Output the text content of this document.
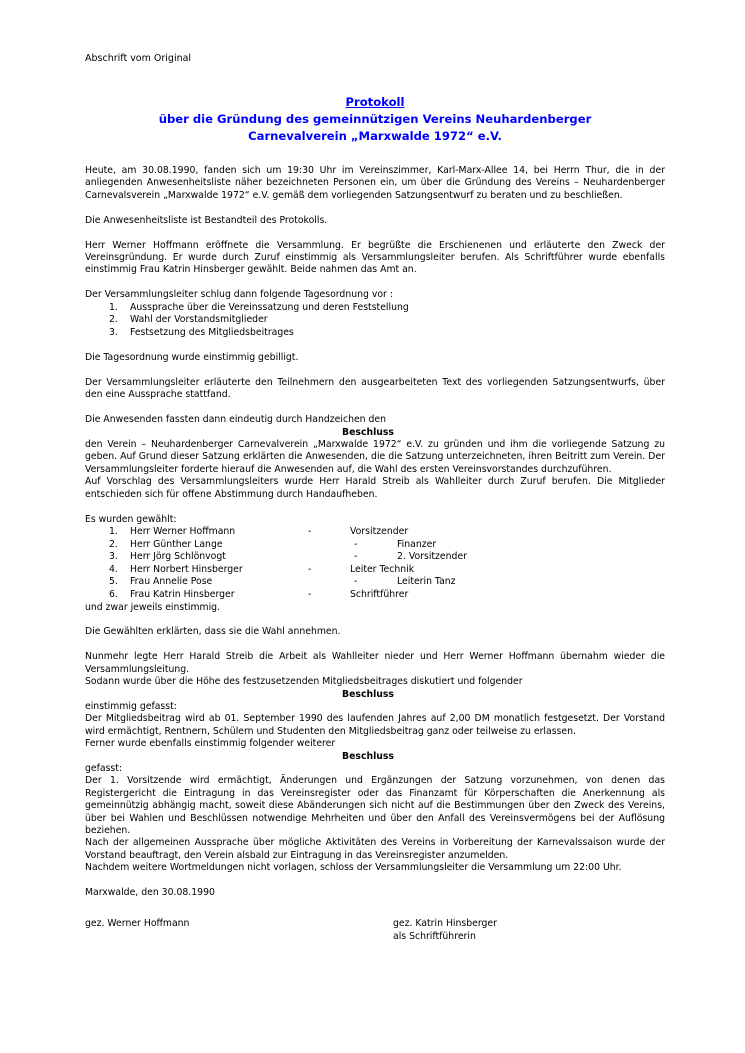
Abschrift vom Original
Protokoll
über die Gründung des gemeinnützigen Vereins Neuhardenberger
Carnevalverein „Marxwalde 1972“ e.V.

Heute, am 30.08.1990, fanden sich um 19:30 Uhr im Vereinszimmer, Karl-Marx-Allee 14, bei Herrn Thur, die in der anliegenden Anwesenheitsliste näher bezeichneten Personen ein, um über die Gründung des Vereins – Neuhardenberger Carnevalsverein „Marxwalde 1972“ e.V. gemäß dem vorliegenden Satzungsentwurf zu beraten und zu beschließen.

Die Anwesenheitsliste ist Bestandteil des Protokolls.

Herr Werner Hoffmann eröffnete die Versammlung. Er begrüßte die Erschienenen und erläuterte den Zweck der Vereinsgründung. Er wurde durch Zuruf einstimmig als Versammlungsleiter berufen. Als Schriftführer wurde ebenfalls einstimmig Frau Katrin Hinsberger gewählt. Beide nahmen das Amt an.

Der Versammlungsleiter schlug dann folgende Tagesordnung vor :

1. Aussprache über die Vereinssatzung und deren Feststellung
2. Wahl der Vorstandsmitglieder
3. Festsetzung des Mitgliedsbeitrages

Die Tagesordnung wurde einstimmig gebilligt.

Der Versammlungsleiter erläuterte den Teilnehmern den ausgearbeiteten Text des vorliegenden Satzungsentwurfs, über den eine Aussprache stattfand.

Die Anwesenden fassten dann eindeutig durch Handzeichen den

Beschluss

den Verein – Neuhardenberger Carnevalverein „Marxwalde 1972“ e.V. zu gründen und ihm die vorliegende Satzung zu geben. Auf Grund dieser Satzung erklärten die Anwesenden, die die Satzung unterzeichneten, ihren Beitritt zum Verein. Der Versammlungsleiter forderte hierauf die Anwesenden auf, die Wahl des ersten Vereinsvorstandes durchzuführen.

Auf Vorschlag des Versammlungsleiters wurde Herr Harald Streib als Wahlleiter durch Zuruf berufen. Die Mitglieder entschieden sich für offene Abstimmung durch Handaufheben.

Es wurden gewählt:

1. Herr Werner Hoffmann	-	Vorsitzender
2. Herr Günther Lange	-	Finanzer
3. Herr Jörg Schlönvogt	-	2. Vorsitzender
4. Herr Norbert Hinsberger	-	Leiter Technik
5. Frau Annelie Pose	-	Leiterin Tanz
6. Frau Katrin Hinsberger	-	Schriftführer

und zwar jeweils einstimmig.

Die Gewählten erklärten, dass sie die Wahl annehmen.

Nunmehr legte Herr Harald Streib die Arbeit als Wahlleiter nieder und Herr Werner Hoffmann übernahm wieder die Versammlungsleitung.

Sodann wurde über die Höhe des festzusetzenden Mitgliedsbeitrages diskutiert und folgender

Beschluss

einstimmig gefasst:

Der Mitgliedsbeitrag wird ab 01. September 1990 des laufenden Jahres auf 2,00 DM monatlich festgesetzt. Der Vorstand wird ermächtigt, Rentnern, Schülern und Studenten den Mitgliedsbeitrag ganz oder teilweise zu erlassen.

Ferner wurde ebenfalls einstimmig folgender weiterer

Beschluss

gefasst:

Der 1. Vorsitzende wird ermächtigt, Änderungen und Ergänzungen der Satzung vorzunehmen, von denen das Registergericht die Eintragung in das Vereinsregister oder das Finanzamt für Körperschaften die Anerkennung als gemeinnützig abhängig macht, soweit diese Abänderungen sich nicht auf die Bestimmungen über den Zweck des Vereins, über bei Wahlen und Beschlüssen notwendige Mehrheiten und über den Anfall des Vereinsvermögens bei der Auflösung beziehen.

Nach der allgemeinen Aussprache über mögliche Aktivitäten des Vereins in Vorbereitung der Karnevalssaison wurde der Vorstand beauftragt, den Verein alsbald zur Eintragung in das Vereinsregister anzumelden.

Nachdem weitere Wortmeldungen nicht vorlagen, schloss der Versammlungsleiter die Versammlung um 22:00 Uhr.

Marxwalde, den 30.08.1990

gez. Werner Hoffmann	gez. Katrin Hinsberger
als Schriftführerin
